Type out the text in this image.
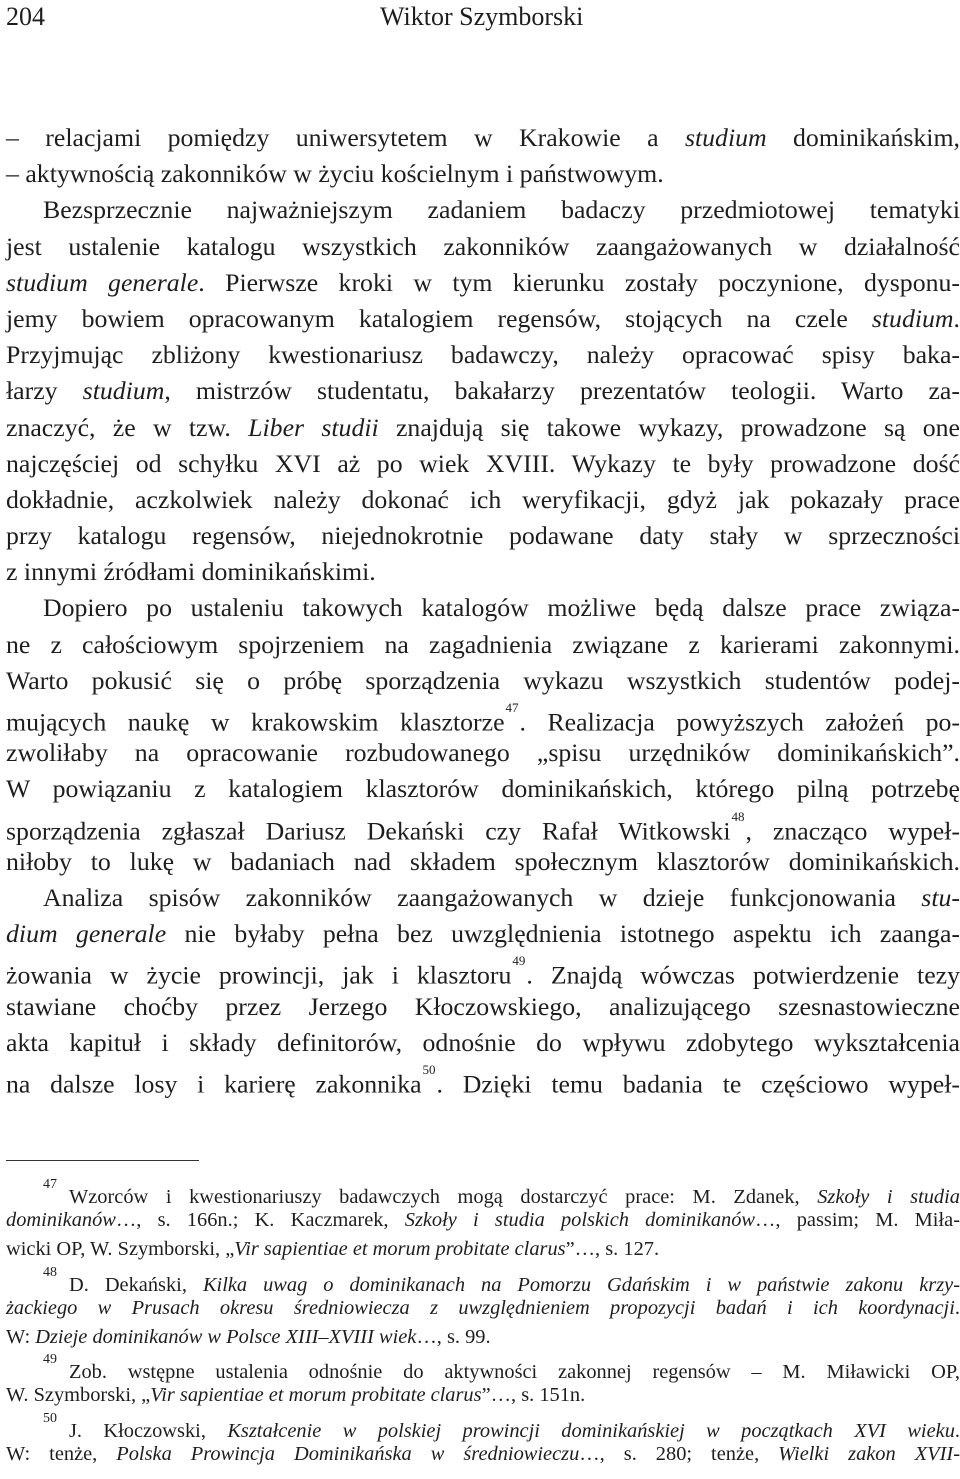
204	Wiktor Szymborski
– relacjami pomiędzy uniwersytetem w Krakowie a studium dominikańskim,
– aktywnością zakonników w życiu kościelnym i państwowym.
Bezsprzecznie najważniejszym zadaniem badaczy przedmiotowej tematyki
jest ustalenie katalogu wszystkich zakonników zaangażowanych w działalność
studium generale. Pierwsze kroki w tym kierunku zostały poczynione, dysponu-
jemy bowiem opracowanym katalogiem regensów, stojących na czele studium.
Przyjmując zbliżony kwestionariusz badawczy, należy opracować spisy baka-
łarzy studium, mistrzów studentatu, bakałarzy prezentatów teologii. Warto za-
znaczyć, że w tzw. Liber studii znajdują się takowe wykazy, prowadzone są one
najczęściej od schyłku XVI aż po wiek XVIII. Wykazy te były prowadzone dość
dokładnie, aczkolwiek należy dokonać ich weryfikacji, gdyż jak pokazały prace
przy katalogu regensów, niejednokrotnie podawane daty stały w sprzeczności
z innymi źródłami dominikańskimi.
Dopiero po ustaleniu takowych katalogów możliwe będą dalsze prace związa-
ne z całościowym spojrzeniem na zagadnienia związane z karierami zakonnymi.
Warto pokusić się o próbę sporządzenia wykazu wszystkich studentów podej-
mujących naukę w krakowskim klasztorze$^{47}$. Realizacja powyższych założeń po-
zwoliłaby na opracowanie rozbudowanego „spisu urzędników dominikańskich”.
W powiązaniu z katalogiem klasztorów dominikańskich, którego pilną potrzebę
sporządzenia zgłaszał Dariusz Dekański czy Rafał Witkowski$^{48}$, znacząco wypeł-
niłoby to lukę w badaniach nad składem społecznym klasztorów dominikańskich.
Analiza spisów zakonników zaangażowanych w dzieje funkcjonowania stu-
dium generale nie byłaby pełna bez uwzględnienia istotnego aspektu ich zaanga-
żowania w życie prowincji, jak i klasztoru$^{49}$. Znajdą wówczas potwierdzenie tezy
stawiane choćby przez Jerzego Kłoczowskiego, analizującego szesnastowieczne
akta kapituł i składy definitorów, odnośnie do wpływu zdobytego wykształcenia
na dalsze losy i karierę zakonnika$^{50}$. Dzięki temu badania te częściowo wypeł-
$^{47}$Wzorców i kwestionariuszy badawczych mogą dostarczyć prace: M. Zdanek, Szkoły i studia
dominikanów…, s. 166n.; K. Kaczmarek, Szkoły i studia polskich dominikanów…, passim; M. Miła-
wicki OP, W. Szymborski, „Vir sapientiae et morum probitate clarus”…, s. 127.
$^{48}$D. Dekański, Kilka uwag o dominikanach na Pomorzu Gdańskim i w państwie zakonu krzy-
żackiego w Prusach okresu średniowiecza z uwzględnieniem propozycji badań i ich koordynacji.
W: Dzieje dominikanów w Polsce XIII–XVIII wiek…, s. 99.
$^{49}$Zob. wstępne ustalenia odnośnie do aktywności zakonnej regensów – M. Miławicki OP,
W. Szymborski, „Vir sapientiae et morum probitate clarus”…, s. 151n.
$^{50}$J. Kłoczowski, Kształcenie w polskiej prowincji dominikańskiej w początkach XVI wieku.
W: tenże, Polska Prowincja Dominikańska w średniowieczu…, s. 280; tenże, Wielki zakon XVII-
